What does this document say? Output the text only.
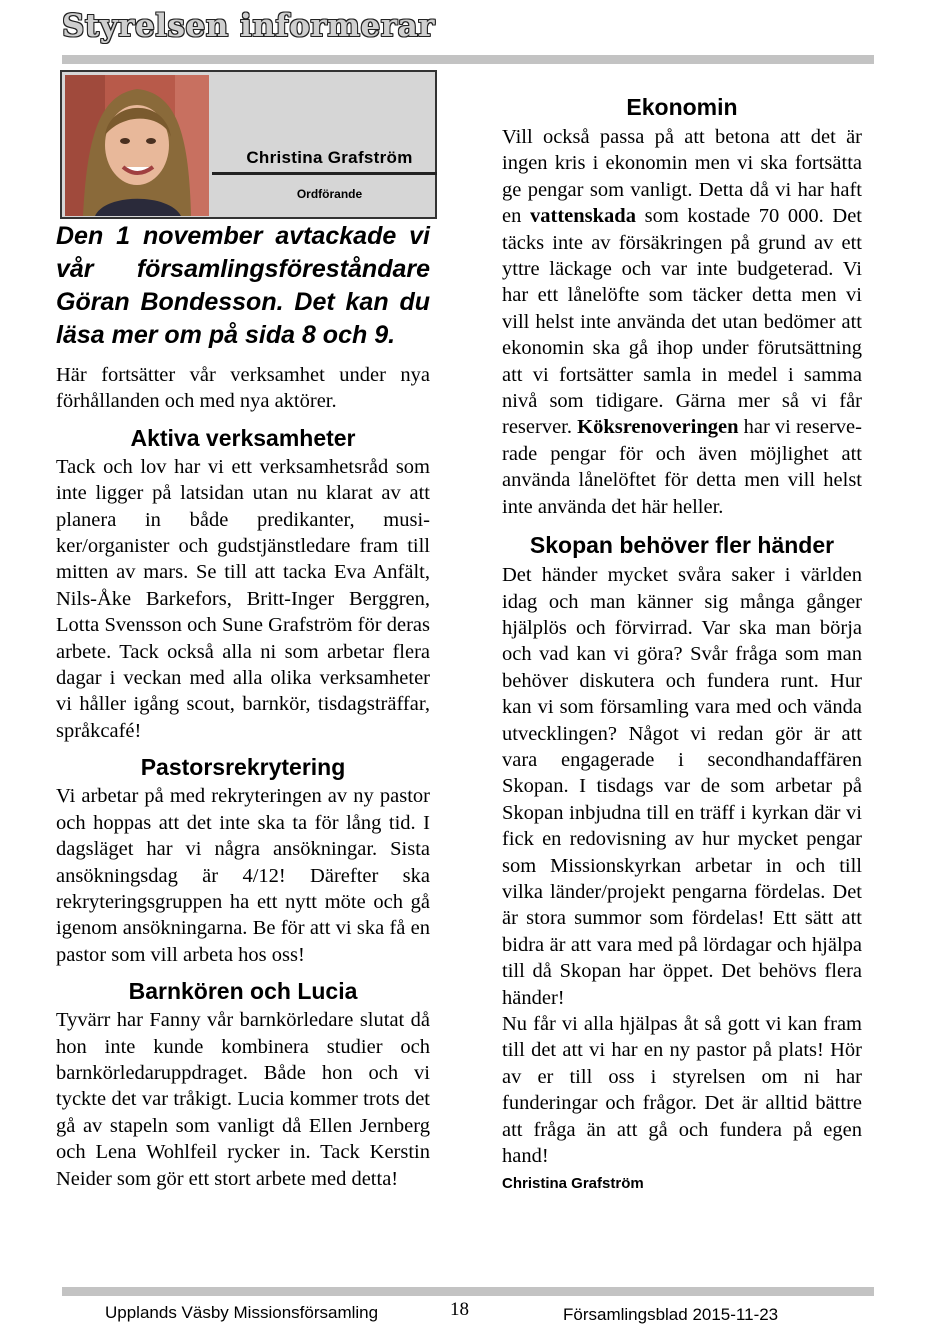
Styrelsen informerar
Christina Grafström
Ordförande

Den 1 november avtackade vi vår församlingsföreståndare Göran Bondesson. Det kan du läsa mer om på sida 8 och 9.

Här fortsätter vår verksamhet under nya förhållanden och med nya aktörer.

Aktiva verksamheter

Tack och lov har vi ett verksamhetsråd som inte ligger på latsidan utan nu klarat av att planera in både predikanter, musiker/organister och gudstjänstledare fram till mitten av mars. Se till att tacka Eva Anfält, Nils-Åke Barkefors, Britt-Inger Berggren, Lotta Svensson och Sune Grafström för deras arbete. Tack också alla ni som arbetar flera dagar i veckan med alla olika verksamheter vi håller igång scout, barnkör, tisdagsträffar, språkcafé!

Pastorsrekrytering

Vi arbetar på med rekryteringen av ny pastor och hoppas att det inte ska ta för lång tid. I dagsläget har vi några ansökningar. Sista ansökningsdag är 4/12! Därefter ska rekryteringsgruppen ha ett nytt möte och gå igenom ansökningarna. Be för att vi ska få en pastor som vill arbeta hos oss!

Barnkören och Lucia

Tyvärr har Fanny vår barnkörledare slutat då hon inte kunde kombinera studier och barnkörledaruppdraget. Både hon och vi tyckte det var tråkigt. Lucia kommer trots det gå av stapeln som vanligt då Ellen Jernberg och Lena Wohlfeil rycker in. Tack Kerstin Neider som gör ett stort arbete med detta!

Ekonomin

Vill också passa på att betona att det är ingen kris i ekonomin men vi ska fortsätta ge pengar som vanligt. Detta då vi har haft en vattenskada som kostade 70 000. Det täcks inte av försäkringen på grund av ett yttre läckage och var inte budgeterad. Vi har ett lånelöfte som täcker detta men vi vill helst inte använda det utan bedömer att ekonomin ska gå ihop under förutsättning att vi fortsätter samla in medel i samma nivå som tidigare. Gärna mer så vi får reserver. Köksrenoveringen har vi reserverade pengar för och även möjlighet att använda lånelöftet för detta men vill helst inte använda det här heller.

Skopan behöver fler händer

Det händer mycket svåra saker i världen idag och man känner sig många gånger hjälplös och förvirrad. Var ska man börja och vad kan vi göra? Svår fråga som man behöver diskutera och fundera runt. Hur kan vi som församling vara med och vända utvecklingen? Något vi redan gör är att vara engagerade i secondhandaffären Skopan. I tisdags var de som arbetar på Skopan inbjudna till en träff i kyrkan där vi fick en redovisning av hur mycket pengar som Missionskyrkan arbetar in och till vilka länder/projekt pengarna fördelas. Det är stora summor som fördelas! Ett sätt att bidra är att vara med på lördagar och hjälpa till då Skopan har öppet. Det behövs flera händer!

Nu får vi alla hjälpas åt så gott vi kan fram till det att vi har en ny pastor på plats! Hör av er till oss i styrelsen om ni har funderingar och frågor. Det är alltid bättre att fråga än att gå och fundera på egen hand!

Christina Grafström
Upplands Väsby Missionsförsamling	18	Församlingsblad 2015-11-23
